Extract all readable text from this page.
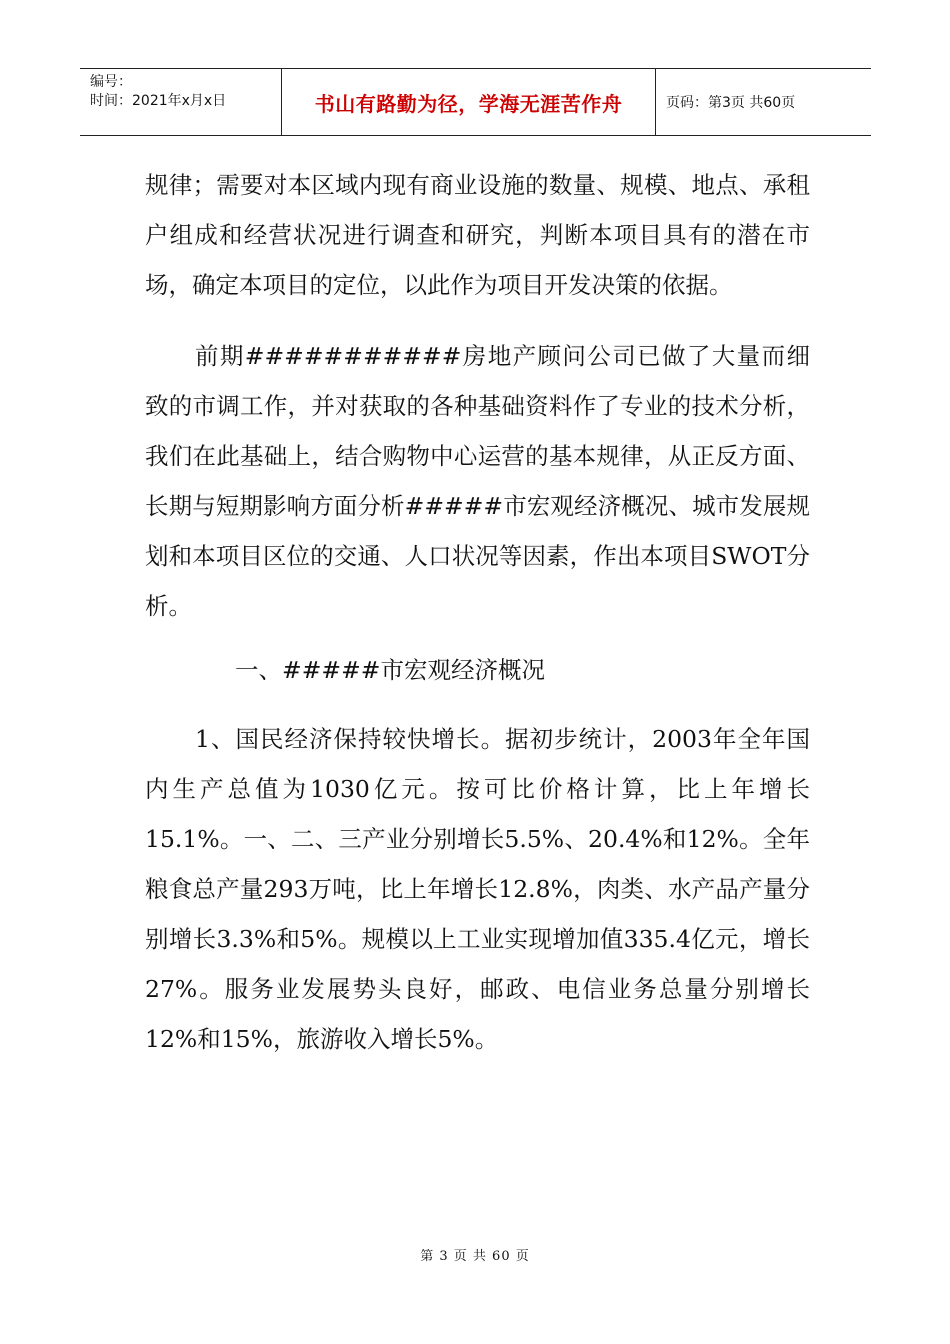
编号：
时间：2021年x月x日	书山有路勤为径，学海无涯苦作舟	页码：第3页 共60页

规律；需要对本区域内现有商业设施的数量、规模、地点、承租户组成和经营状况进行调查和研究，判断本项目具有的潜在市场，确定本项目的定位，以此作为项目开发决策的依据。

前期###########房地产顾问公司已做了大量而细致的市调工作，并对获取的各种基础资料作了专业的技术分析，我们在此基础上，结合购物中心运营的基本规律，从正反方面、长期与短期影响方面分析#####市宏观经济概况、城市发展规划和本项目区位的交通、人口状况等因素，作出本项目SWOT分析。

一、#####市宏观经济概况

1、国民经济保持较快增长。据初步统计，2003年全年国内生产总值为1030亿元。按可比价格计算，比上年增长15.1%。一、二、三产业分别增长5.5%、20.4%和12%。全年粮食总产量293万吨，比上年增长12.8%，肉类、水产品产量分别增长3.3%和5%。规模以上工业实现增加值335.4亿元，增长27%。服务业发展势头良好，邮政、电信业务总量分别增长12%和15%，旅游收入增长5%。

第 3 页 共 60 页
